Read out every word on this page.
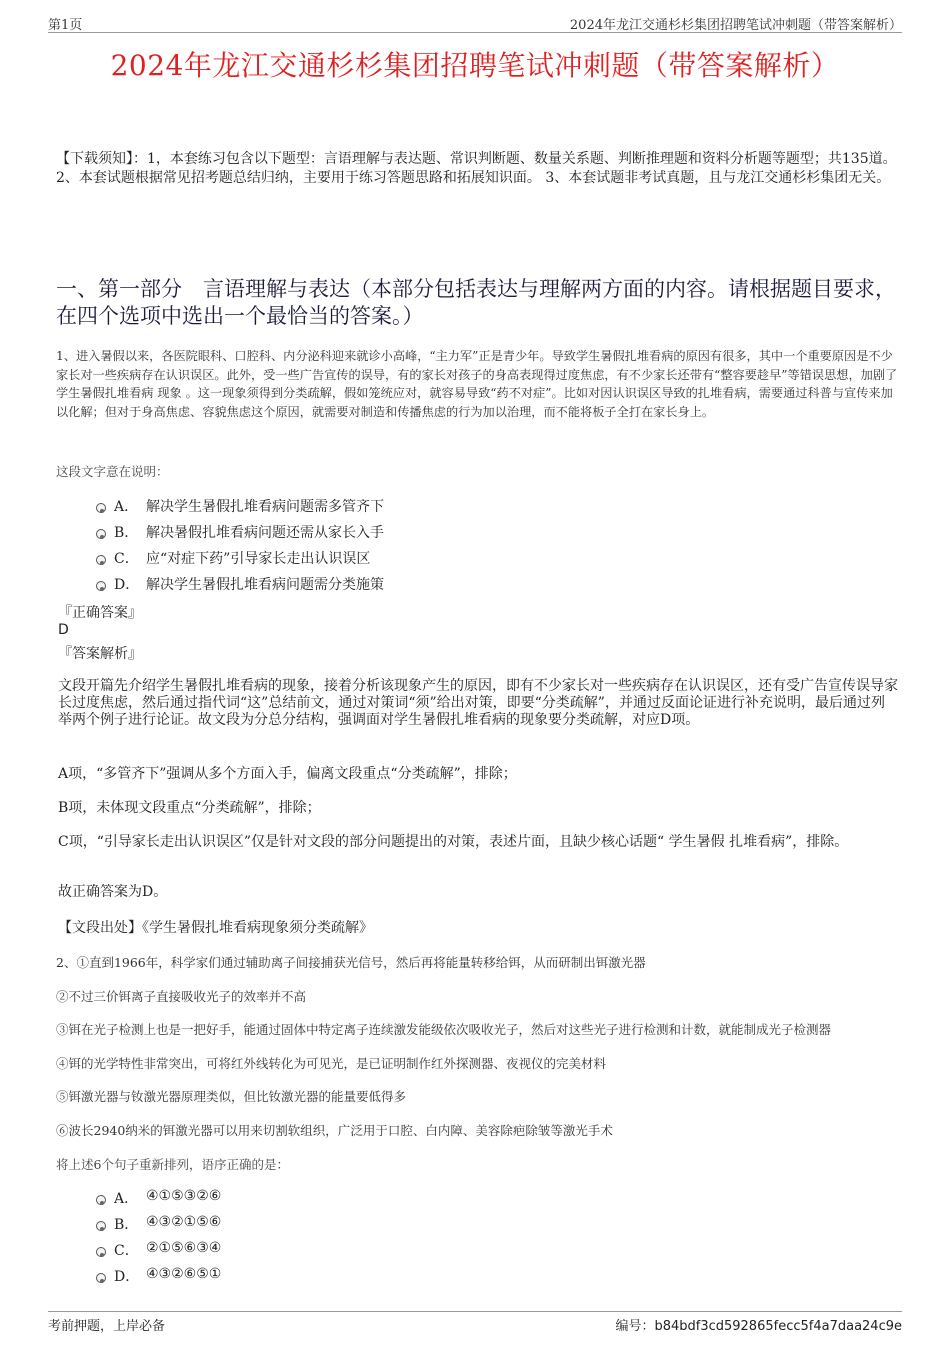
第1页	2024年龙江交通杉杉集团招聘笔试冲刺题（带答案解析）
2024年龙江交通杉杉集团招聘笔试冲刺题（带答案解析）
【下载须知】：1，本套练习包含以下题型：言语理解与表达题、常识判断题、数量关系题、判断推理题和资料分析题等题型；共135道。 2、本套试题根据常见招考题总结归纳，主要用于练习答题思路和拓展知识面。 3、本套试题非考试真题，且与龙江交通杉杉集团无关。
一、第一部分　言语理解与表达（本部分包括表达与理解两方面的内容。请根据题目要求，在四个选项中选出一个最恰当的答案。）
1、进入暑假以来，各医院眼科、口腔科、内分泌科迎来就诊小高峰，“主力军”正是青少年。导致学生暑假扎堆看病的原因有很多，其中一个重要原因是不少家长对一些疾病存在认识误区。此外，受一些广告宣传的误导，有的家长对孩子的身高表现得过度焦虑，有不少家长还带有“整容要趁早”等错误思想，加剧了学生暑假扎堆看病 现象 。这一现象须得到分类疏解，假如笼统应对，就容易导致“药不对症”。比如对因认识误区导致的扎堆看病，需要通过科普与宣传来加以化解；但对于身高焦虑、容貌焦虑这个原因，就需要对制造和传播焦虑的行为加以治理，而不能将板子全打在家长身上。
这段文字意在说明：
A． 解决学生暑假扎堆看病问题需多管齐下
B． 解决暑假扎堆看病问题还需从家长入手
C． 应“对症下药”引导家长走出认识误区
D． 解决学生暑假扎堆看病问题需分类施策
『正确答案』
D
『答案解析』
文段开篇先介绍学生暑假扎堆看病的现象，接着分析该现象产生的原因，即有不少家长对一些疾病存在认识误区，还有受广告宣传误导家长过度焦虑，然后通过指代词“这”总结前文，通过对策词“须”给出对策，即要“分类疏解”，并通过反面论证进行补充说明，最后通过列举两个例子进行论证。故文段为分总分结构，强调面对学生暑假扎堆看病的现象要分类疏解，对应D项。
A项，“多管齐下”强调从多个方面入手，偏离文段重点“分类疏解”，排除；
B项，未体现文段重点“分类疏解”，排除；
C项，“引导家长走出认识误区”仅是针对文段的部分问题提出的对策，表述片面，且缺少核心话题“ 学生暑假 扎堆看病”，排除。
故正确答案为D。
【文段出处】《学生暑假扎堆看病现象须分类疏解》
2、①直到1966年，科学家们通过辅助离子间接捕获光信号，然后再将能量转移给铒，从而研制出铒激光器
②不过三价铒离子直接吸收光子的效率并不高
③铒在光子检测上也是一把好手，能通过固体中特定离子连续激发能级依次吸收光子，然后对这些光子进行检测和计数，就能制成光子检测器
④铒的光学特性非常突出，可将红外线转化为可见光，是已证明制作红外探测器、夜视仪的完美材料
⑤铒激光器与钕激光器原理类似，但比钕激光器的能量要低得多
⑥波长2940纳米的铒激光器可以用来切割软组织，广泛用于口腔、白内障、美容除疤除皱等激光手术
将上述6个句子重新排列，语序正确的是：
A． ④①⑤③②⑥
B． ④③②①⑤⑥
C． ②①⑤⑥③④
D． ④③②⑥⑤①
考前押题，上岸必备	编号：b84bdf3cd592865fecc5f4a7daa24c9e
